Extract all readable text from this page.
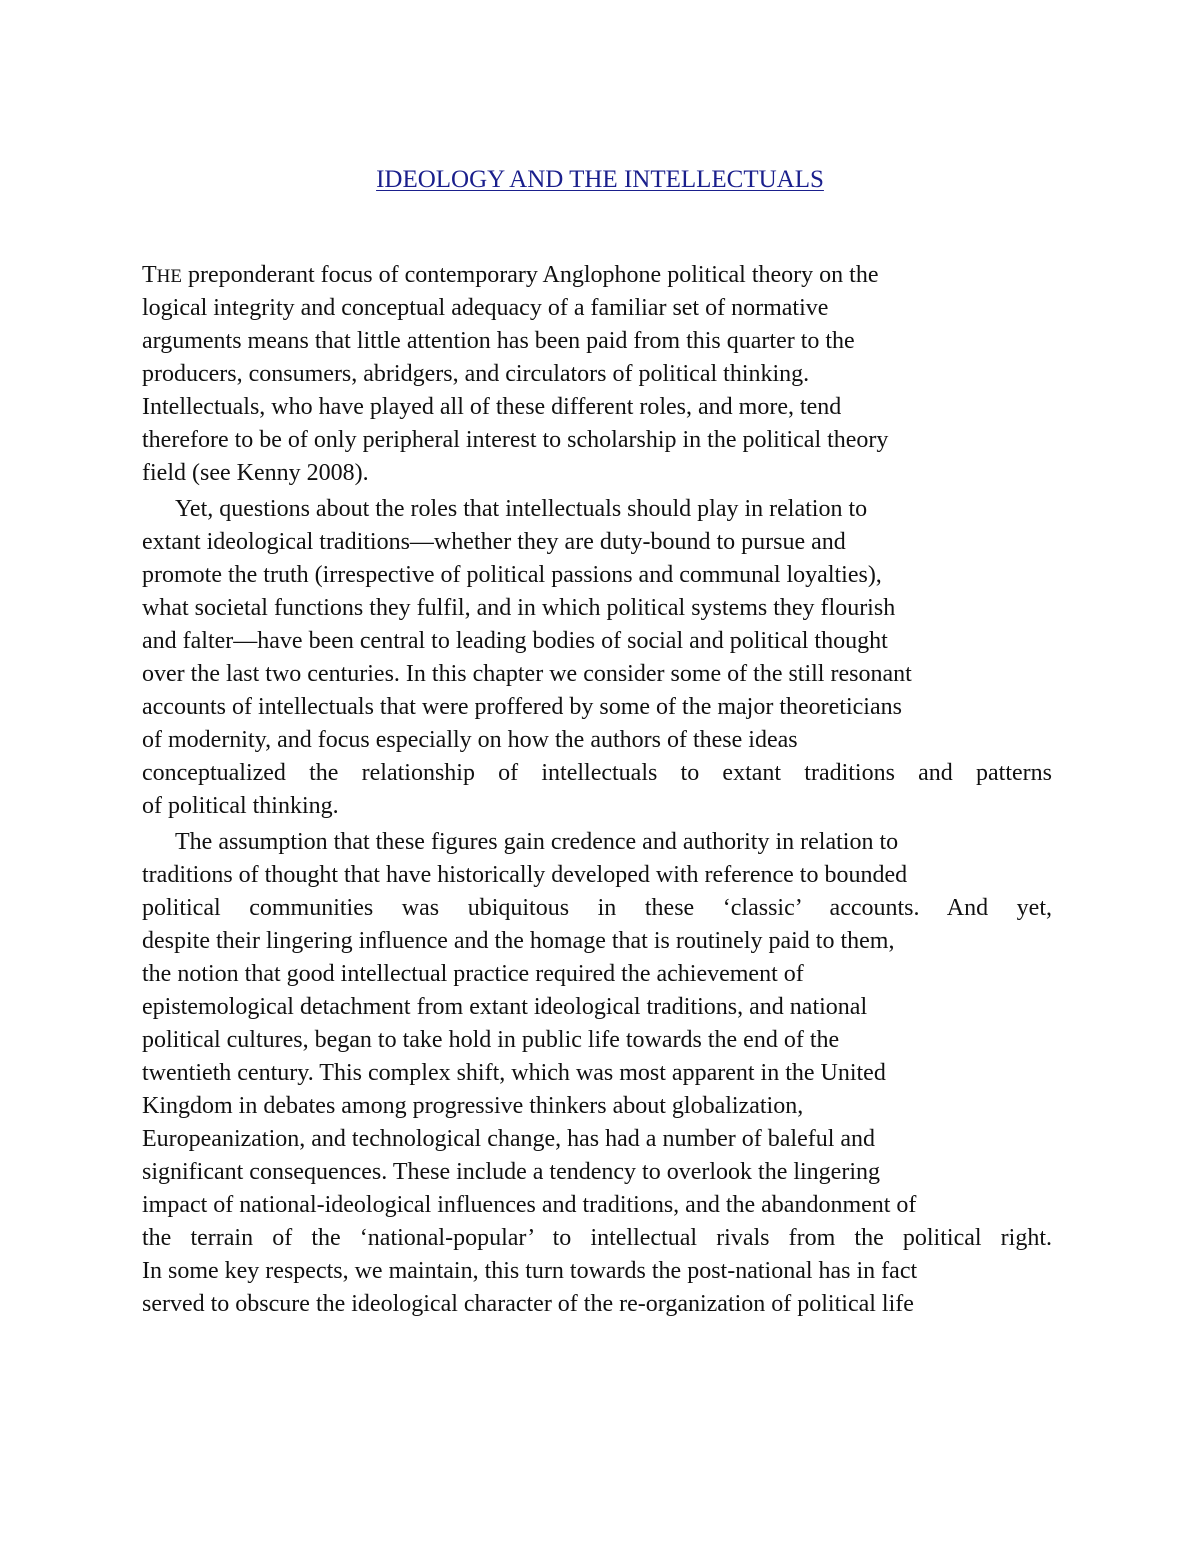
IDEOLOGY AND THE INTELLECTUALS
THE preponderant focus of contemporary Anglophone political theory on the
logical integrity and conceptual adequacy of a familiar set of normative
arguments means that little attention has been paid from this quarter to the
producers, consumers, abridgers, and circulators of political thinking.
Intellectuals, who have played all of these different roles, and more, tend
therefore to be of only peripheral interest to scholarship in the political theory
field (see Kenny 2008).
Yet, questions about the roles that intellectuals should play in relation to
extant ideological traditions—whether they are duty-bound to pursue and
promote the truth (irrespective of political passions and communal loyalties),
what societal functions they fulfil, and in which political systems they flourish
and falter—have been central to leading bodies of social and political thought
over the last two centuries. In this chapter we consider some of the still resonant
accounts of intellectuals that were proffered by some of the major theoreticians
of modernity, and focus especially on how the authors of these ideas
conceptualized the relationship of intellectuals to extant traditions and patterns
of political thinking.
The assumption that these figures gain credence and authority in relation to
traditions of thought that have historically developed with reference to bounded
political communities was ubiquitous in these ‘classic’ accounts. And yet,
despite their lingering influence and the homage that is routinely paid to them,
the notion that good intellectual practice required the achievement of
epistemological detachment from extant ideological traditions, and national
political cultures, began to take hold in public life towards the end of the
twentieth century. This complex shift, which was most apparent in the United
Kingdom in debates among progressive thinkers about globalization,
Europeanization, and technological change, has had a number of baleful and
significant consequences. These include a tendency to overlook the lingering
impact of national-ideological influences and traditions, and the abandonment of
the terrain of the ‘national-popular’ to intellectual rivals from the political right.
In some key respects, we maintain, this turn towards the post-national has in fact
served to obscure the ideological character of the re-organization of political life
